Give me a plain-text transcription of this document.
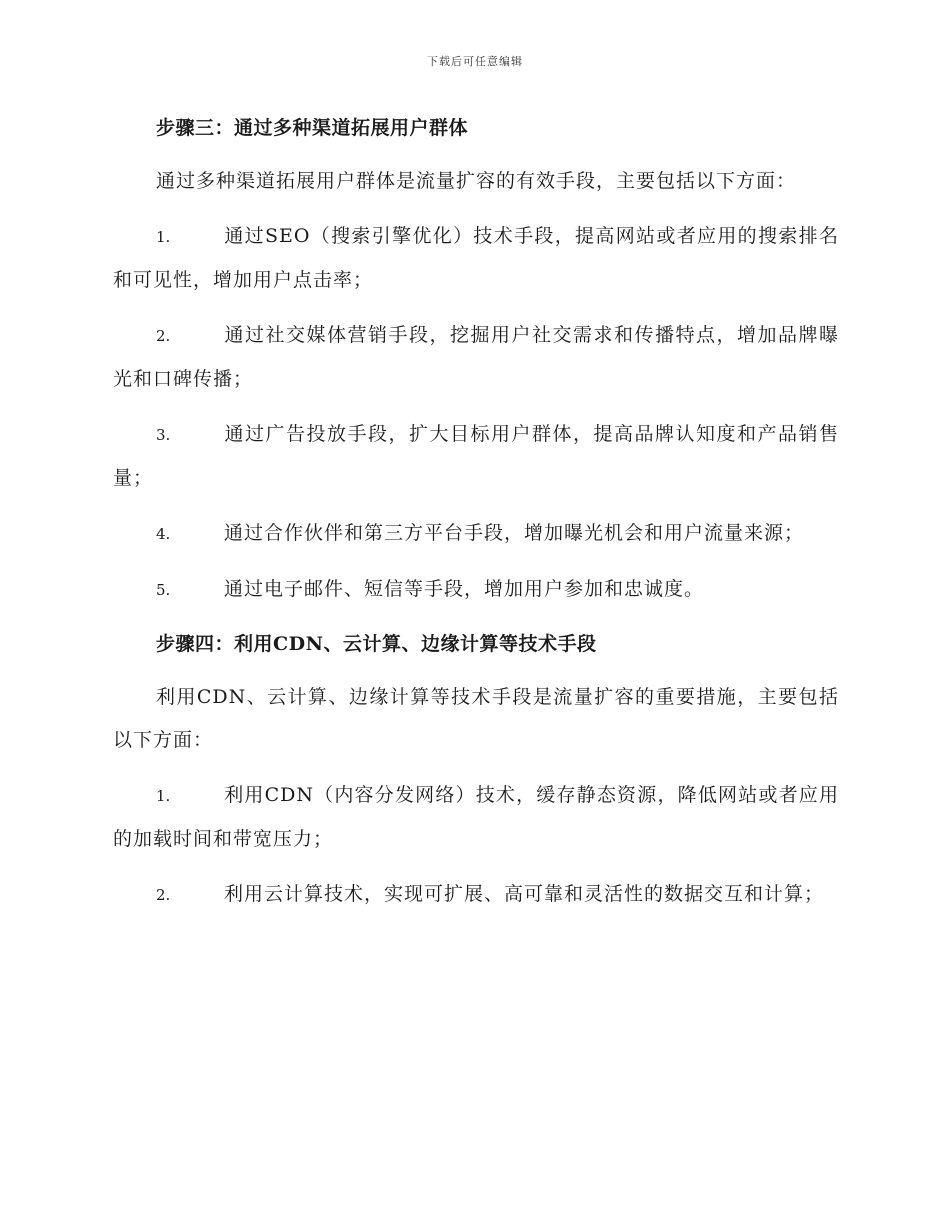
下载后可任意编辑
步骤三：通过多种渠道拓展用户群体
通过多种渠道拓展用户群体是流量扩容的有效手段，主要包括以下方面：
1.	通过SEO（搜索引擎优化）技术手段，提高网站或者应用的搜索排名和可见性，增加用户点击率；
2.	通过社交媒体营销手段，挖掘用户社交需求和传播特点，增加品牌曝光和口碑传播；
3.	通过广告投放手段，扩大目标用户群体，提高品牌认知度和产品销售量；
4.	通过合作伙伴和第三方平台手段，增加曝光机会和用户流量来源；
5.	通过电子邮件、短信等手段，增加用户参加和忠诚度。
步骤四：利用CDN、云计算、边缘计算等技术手段
利用CDN、云计算、边缘计算等技术手段是流量扩容的重要措施，主要包括以下方面：
1.	利用CDN（内容分发网络）技术，缓存静态资源，降低网站或者应用的加载时间和带宽压力；
2.	利用云计算技术，实现可扩展、高可靠和灵活性的数据交互和计算；
